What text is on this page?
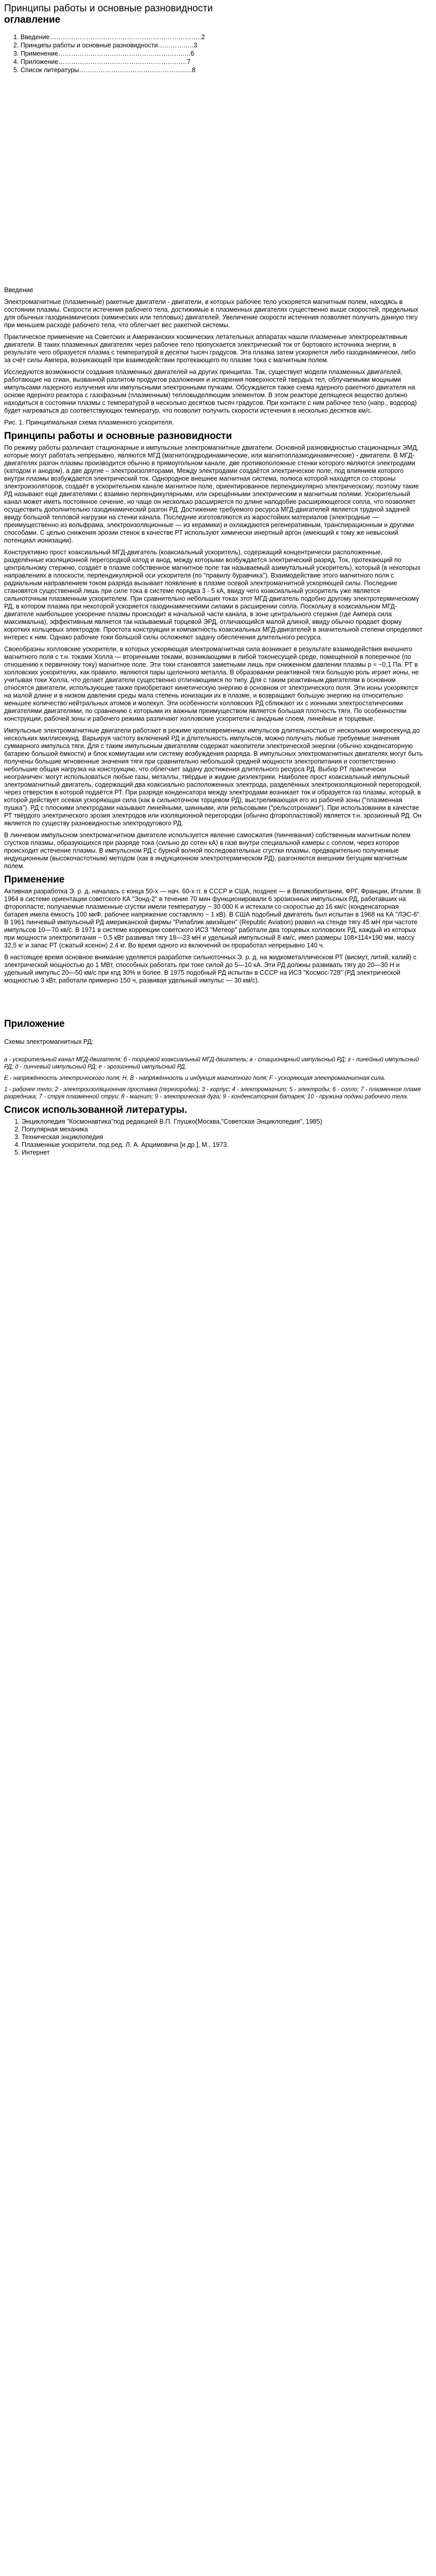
Принципы работы и основные разновидности
оглавление
1. Введение……………………………………………………………..2
2. Принципы работы и основные разновидности……………..3
3. Применение……………………………………………………..6
4. Приложение……………………………………………………7
5. Список литературы……………………………………………..8

Введение

Электромагнитные (плазменные) ракетные двигатели - двигатели, в которых рабочее тело ускоряется магнитным полем, находясь в состоянии плазмы. Скорости истечения рабочего тела, достижимые в плазменных двигателях существенно выше скоростей, предельных для обычных газодинамических (химических или тепловых) двигателей. Увеличение скорости истечения позволяет получить данную тягу при меньшем расходе рабочего тела, что облегчает вес ракетной системы.

Практическое применение на Советских и Американских космических летательных аппаратах нашли плазменные электрореактивные двигатели. В таких плазменных двигателях через рабочее тело пропускается электрический ток от бортового источника энергии, в результате чего образуется плазма с температурой в десятки тысяч градусов. Эта плазма затем ускоряется либо газодинамически, либо за счёт силы Ампера, возникающей при взаимодействии протекающего по плазме тока с магнитным полем.

Исследуются возможности создания плазменных двигателей на других принципах. Так, существует модели плазменных двигателей, работающие на сгиан, вызванной разлитом продуктов разложения и испарения поверхностей твердых тел, облучаемыми мощными импульсами лазерного излучения или импульсными электронными пучками. Обсуждается также схема ядерного ракетного двигателя на основе ядерного реактора с газофазным (плазменным) тепловыделяющим элементом. В этом реакторе делящееся вещество должно находиться в состоянии плазмы с температурой в несколько десятков тысяч градусов. При контакте с ним рабочее тело (напр., водород) будет нагреваться до соответствующих температур, что позволит получить скорости истечения в несколько десятков км/с.

Рис. 1. Принципиальная схема плазменного ускорителя.

Принципы работы и основные разновидности

По режиму работы различают стационарные и импульсные электромагнитные двигатели. Основной разновидностью стационарных ЭМД, которые могут работать непрерывно, являются МГД (магнитогидродинамические, или магнитоплазмодинамические) - двигатели. В МГД-двигателях разгон плазмы производится обычно в прямоугольном канале, две противоположные стенки которого являются электродами (катодом и анодом), а две другие – электроизоляторами. Между электродами создаётся электрическое поле, под влиянием которого внутри плазмы возбуждается электрический ток. Однородное внешнее магнитная система, полюса которой находятся со стороны электроизоляторов, создаёт в ускорительном канале магнитное поле, ориентированное перпендикулярно электрическому; поэтому такие РД называют ещё двигателями с взаимно перпендикулярными, или скрещёнными электрическим и магнитным полями. Ускорительный канал может иметь постоянное сечение, но чаще он несколько расширяется по длине наподобие расширяющегося сопла, что позволяет осуществить дополнительно газодинамический разгон РД. Достижение требуемого ресурса МГД-двигателей является трудной задачей ввиду большой тепловой нагрузки на стенки канала. Последние изготовляются из жаростойких материалов (электродные — преимущественно из вольфрама, электроизоляционные — из керамики) и охлаждаются регенеративным, транспирационным и другими способами. С целью снижения эрозии стенок в качестве РТ используют химически инертный аргон (имеющий к тому же невысокий потенциал ионизации).

Конструктивно прост коаксиальный МГД-двигатель (коаксиальный ускоритель), содержащий концентрически расположенные, разделённые изоляционной перегородкой катод и анод, между которыми возбуждается электрический разряд. Ток, протекающий по центральному стержню, создаёт в плазме собственное магнитное поле так называемый азимутальный ускоритель), который (в некоторых направлениях в плоскости, перпендикулярной оси ускорителя (по "правилу буравчика"). Взаимодействие этого магнитного поля с радиальным направлением током разряда вызывает появление в плазме осевой электромагнитной ускоряющей силы. Последние становятся существенной лишь при силе тока в системе порядка 3 - 5 кА, ввиду чего коаксиальный ускоритель уже является сильноточным плазменным ускорителем. При сравнительно небольших токах этот МГД-двигатель подобно другому электротермическому РД, в котором плазма при некоторой ускоряется газодинамическими силами в расширении сопла. Поскольку в коаксиальном МГД-двигателе наибольшее ускорение плазмы происходит в начальной части канала, в зоне центрального стержня (где Ампера сила максимальна), эффективным является так называемый торцевой ЭРД, отличающийся малой длиной, ввиду обычно продает форму коротких кольцевых электродов. Простота конструкции и компактность коаксиальных МГД-двигателей в значительной степени определяют интерес к ним. Однако рабочие токи большой силы осложняют задачу обеспечения длительного ресурса.

Своеобразны холловские ускорители, в которых ускоряющая электромагнитная сила возникает в результате взаимодействия внешнего магнитного поля с т.н. токами Холла — вторичными токами, возникающими в либой токонесущей среде, помещённой в поперечное (по отношению к первичному току) магнитное поле. Эти токи становятся заметными лишь при сниженном давлении плазмы р ≈ ~0,1 Па. РТ в холловских ускорителях, как правило, являются пары щелочного металла. В образовании реактивной тяги большую роль играет ионы, не учитывая токи Холла, что делает двигатели существенно отличающимся по типу. Для с таким реактивным двигателям в основном относятся двигатели, использующие также приобретают кинетическую энергию в основном от электрического поля. Эти ионы ускоряются на малой длине и в низком давлении среды мала степень ионизации их в плазме, и возвращают большую энергию на относительно меньшее количество нейтральных атомов и молекул. Эти особенности холловских РД сближают их с ионными электростатическими двигателями двигателями, по сравнению с которыми их важным преимуществом является большая плотность тяги. По особенностям конструкции, рабочей зоны и рабочего режима различают холловские ускорители с анодным слоем, линейные и торцевые.

Импульсные электромагнитные двигатели работают в режиме кратковременных импульсов длительностью от нескольких микросекунд до нескольких миллисекунд. Варьируя частоту включений РД и длительность импульсов, можно получать любые требуемые значения суммарного импульса тяги. Для с таким импульсным двигателям содержат накопители электрической энергии (обычно конденсаторную батарею большой ёмкости) и блок коммутации или систему возбуждения разряда. В импульсных электромагнитных двигателях могут быть получены большие мгновенные значения тяги при сравнительно небольшой средней мощности электропитания и соответственно небольшие общая нагрузка на конструкцию, что облегчает задачу достижения длительного ресурса РД. Выбор РТ практически неограничен: могут использоваться любые газы, металлы, твёрдые и жидкие диэлектрики. Наиболее прост коаксиальный импульсный электромагнитный двигатель, содержащий два коаксиально расположенных электрода, разделённых электроизоляционной перегородкой, через отверстия в которой подаётся РТ. При разряде конденсатора между электродами возникает ток и образуется газ плазмы, который, в которой действует осевая ускоряющая сила (как в сильноточном торцевом РД), выстреливающая его из рабочей зоны ("плазменная пушка"). РД с плоскими электродами называют линейными, шинными, или рельсовыми ("рельсотронами"). При использовании в качестве РТ твёрдого электрического эрозия электродов или изоляционной перегородки (обычно фторопластовой) является т.н. эрозионный РД. Он является по существу разновидностью электродугового РД.

В линчевом импульсном электромагнитном двигателе используется явление самосжатия (пинчевания) собственным магнитным полем сгустков плазмы, образующихся при разряде тока (сильно до сотен кА) в газе внутри специальной камеры с соплом, через которое происходит истечение плазмы. В импульсном РД с бурной волной последовательные сгустки плазмы, предварительно полученные индукционным (высокочастотным) методом (как в индукционном электротермическом РД), разгоняются внешним бегущим магнитным полем.

Применение

Активная разработка Э. р. д. началась с конца 50-х — нач. 60-х гг. в СССР и США, позднее — в Великобритании, ФРГ, Франции, Италии. В 1964 в системе ориентации советского КА "Зонд-2" в течение 70 мин функционировали 6 эрозионных импульсных РД, работавших на фторопласте; получаемые плазменные сгустки имели температуру ~ 30 000 К и истекали со скоростью до 16 км/с (конденсаторная батарея имела ёмкость 100 мкФ, рабочее напряжение составляло ~ 1 кВ). В США подобный двигатель был испытан в 1968 на КА "ЛЭС-6". В 1961 пинчевый импульсный РД американской фирмы "Рипаблик авиэйшен" (Republic Aviation) развил на стенде тягу 45 мН при частоте импульсов 10—70 кв/с. В 1971 в системе коррекции советского ИСЗ "Метеор" работали два торцевых холловских РД, каждый из которых при мощности электропитания ~ 0,5 кВт развивал тягу 18—23 мН и удельный импульсный 8 км/с, имел размеры 108×114×190 мм, массу 32,5 кг и запас РТ (сжатый ксенон) 2,4 кг. Во время одного из включений он проработал непрерывно 140 ч.

В настоящее время основное внимание уделяется разработке сильноточных Э. р. д. на жидкометаллическом РТ (висмут, литий, калий) с электрической мощностью до 1 МВт, способных работать при токе силой до 5—10 кА. Эти РД должны развивать тягу до 20—30 Н и удельный импульс 20—50 км/с при кпд 30% и более. В 1975 подобный РД испытан в СССР на ИСЗ "Космос-728" (РД электрической мощностью 3 кВт, работали примерно 150 ч, развивая удельный импульс — 30 км/с).

Приложение

Схемы электромагнитных РД:

а - ускорительный канал МГД-двигателя; б - торцевой коаксиальный МГД-двигатель; в - стационарный импульсный РД; г - линейный импульсный РД; д - пинчевый импульсный РД; е - эрозионный импульсный РД.

Е - напряжённость электрического поля; Н, В - напряжённость и индукция магнитного поля; F - ускоряющая электромагнитная сила.

1 - рабочее тело; 2 - электроизоляционная проставка (перегородка); 3 - корпус; 4 - электромагнит; 5 - электроды; 6 - сопло; 7 - плазменное пламя разрядника; 7 - струя плазменной струи; 8 - магнит; 9 - электрическая дуга; 9 - конденсаторная батарея; 10 - пружина подачи рабочего тела.

Список использованной литературы.
1. Энциклопедия "Космонавтика"под редакцией В.П. Глушко(Москва,"Советская Энциклопедия", 1985)
2. Популярная механика
3. Техническая энциклопедия
4. Плазменные ускорители, под ред. Л. А. Арцимовича [и др.], М., 1973.
5. Интернет
